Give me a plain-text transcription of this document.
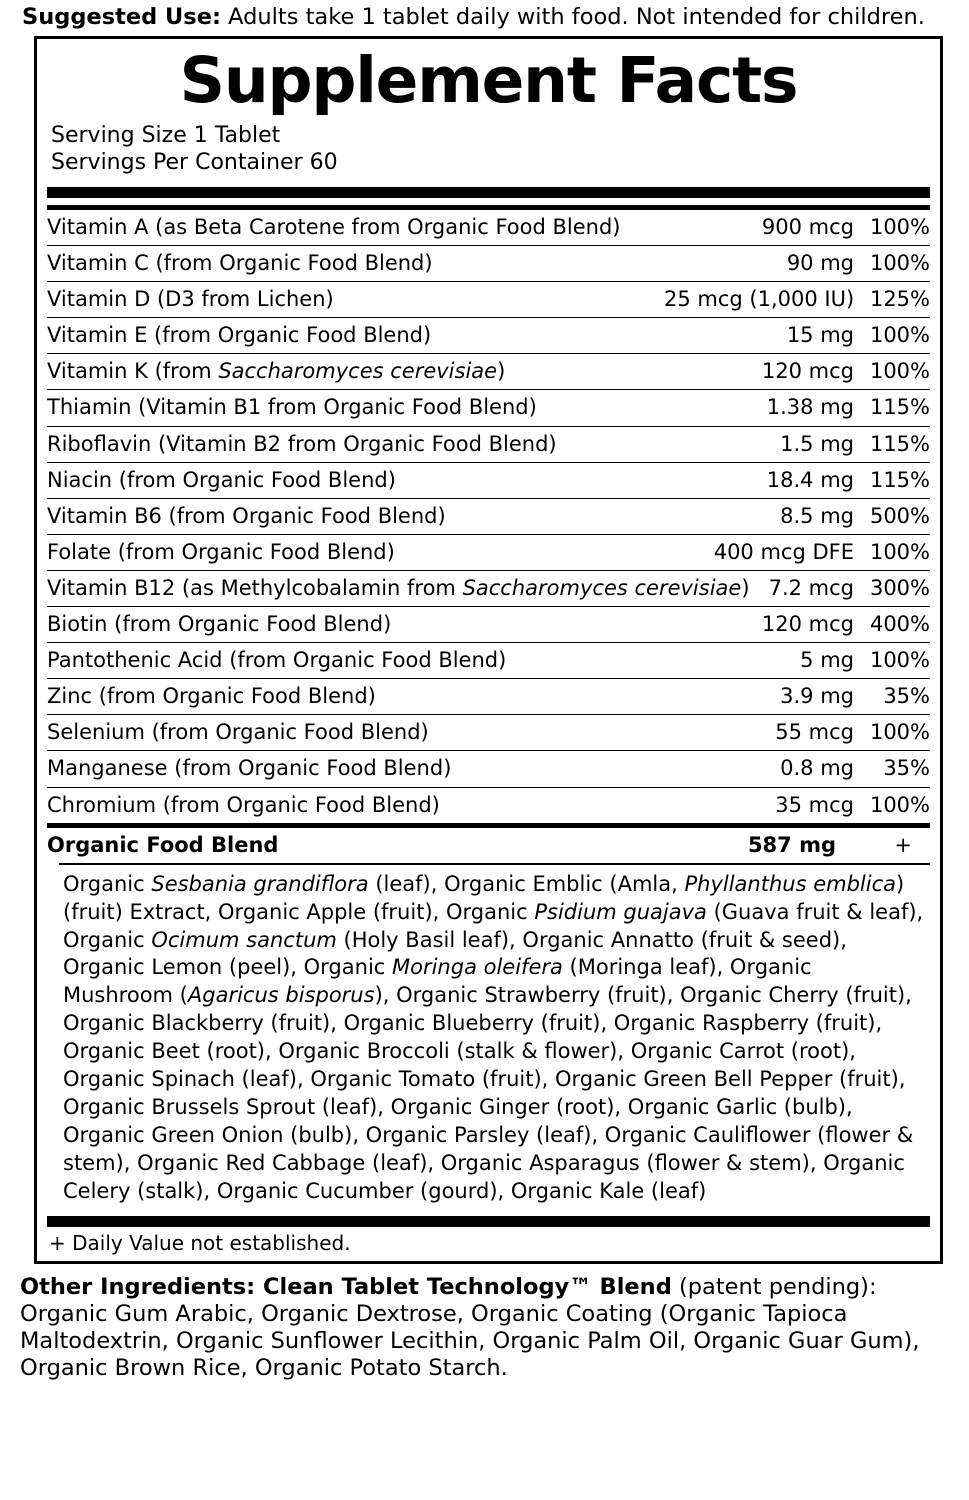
Suggested Use: Adults take 1 tablet daily with food. Not intended for children.
Supplement Facts
Serving Size 1 Tablet
Servings Per Container 60
Vitamin A (as Beta Carotene from Organic Food Blend)	900 mcg	100%
Vitamin C (from Organic Food Blend)	90 mg	100%
Vitamin D (D3 from Lichen)	25 mcg (1,000 IU)	125%
Vitamin E (from Organic Food Blend)	15 mg	100%
Vitamin K (from Saccharomyces cerevisiae)	120 mcg	100%
Thiamin (Vitamin B1 from Organic Food Blend)	1.38 mg	115%
Riboflavin (Vitamin B2 from Organic Food Blend)	1.5 mg	115%
Niacin (from Organic Food Blend)	18.4 mg	115%
Vitamin B6 (from Organic Food Blend)	8.5 mg	500%
Folate (from Organic Food Blend)	400 mcg DFE	100%
Vitamin B12 (as Methylcobalamin from Saccharomyces cerevisiae)	7.2 mcg	300%
Biotin (from Organic Food Blend)	120 mcg	400%
Pantothenic Acid (from Organic Food Blend)	5 mg	100%
Zinc (from Organic Food Blend)	3.9 mg	35%
Selenium (from Organic Food Blend)	55 mcg	100%
Manganese (from Organic Food Blend)	0.8 mg	35%
Chromium (from Organic Food Blend)	35 mcg	100%
Organic Food Blend	587 mg	+
Organic Sesbania grandiflora (leaf), Organic Emblic (Amla, Phyllanthus emblica) (fruit) Extract, Organic Apple (fruit), Organic Psidium guajava (Guava fruit & leaf), Organic Ocimum sanctum (Holy Basil leaf), Organic Annatto (fruit & seed), Organic Lemon (peel), Organic Moringa oleifera (Moringa leaf), Organic Mushroom (Agaricus bisporus), Organic Strawberry (fruit), Organic Cherry (fruit), Organic Blackberry (fruit), Organic Blueberry (fruit), Organic Raspberry (fruit), Organic Beet (root), Organic Broccoli (stalk & flower), Organic Carrot (root), Organic Spinach (leaf), Organic Tomato (fruit), Organic Green Bell Pepper (fruit), Organic Brussels Sprout (leaf), Organic Ginger (root), Organic Garlic (bulb), Organic Green Onion (bulb), Organic Parsley (leaf), Organic Cauliflower (flower & stem), Organic Red Cabbage (leaf), Organic Asparagus (flower & stem), Organic Celery (stalk), Organic Cucumber (gourd), Organic Kale (leaf)
+ Daily Value not established.
Other Ingredients: Clean Tablet Technology™ Blend (patent pending): Organic Gum Arabic, Organic Dextrose, Organic Coating (Organic Tapioca Maltodextrin, Organic Sunflower Lecithin, Organic Palm Oil, Organic Guar Gum), Organic Brown Rice, Organic Potato Starch.
